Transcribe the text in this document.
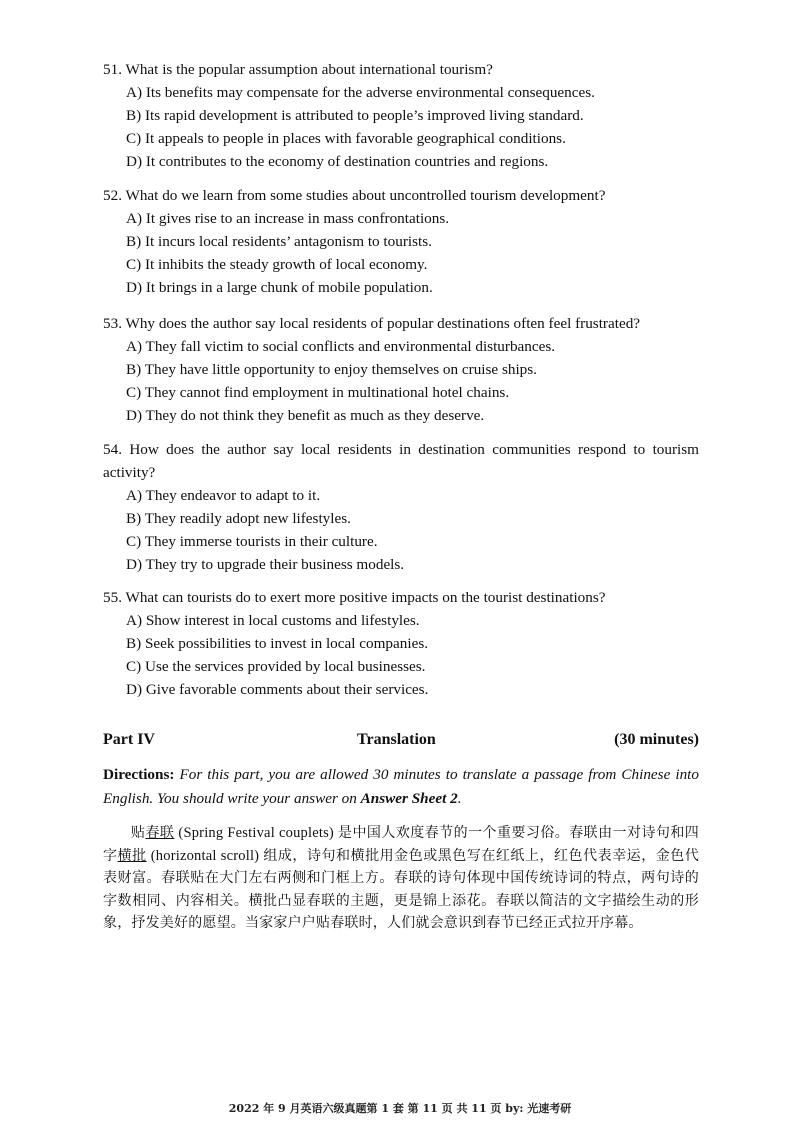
51. What is the popular assumption about international tourism?

A) Its benefits may compensate for the adverse environmental consequences.

B) Its rapid development is attributed to people’s improved living standard.

C) It appeals to people in places with favorable geographical conditions.

D) It contributes to the economy of destination countries and regions.

52. What do we learn from some studies about uncontrolled tourism development?

A) It gives rise to an increase in mass confrontations.

B) It incurs local residents’ antagonism to tourists.

C) It inhibits the steady growth of local economy.

D) It brings in a large chunk of mobile population.

53. Why does the author say local residents of popular destinations often feel frustrated?

A) They fall victim to social conflicts and environmental disturbances.

B) They have little opportunity to enjoy themselves on cruise ships.

C) They cannot find employment in multinational hotel chains.

D) They do not think they benefit as much as they deserve.

54. How does the author say local residents in destination communities respond to tourism activity?

A) They endeavor to adapt to it.

B) They readily adopt new lifestyles.

C) They immerse tourists in their culture.

D) They try to upgrade their business models.

55. What can tourists do to exert more positive impacts on the tourist destinations?

A) Show interest in local customs and lifestyles.

B) Seek possibilities to invest in local companies.

C) Use the services provided by local businesses.

D) Give favorable comments about their services.

Part IV	Translation	(30 minutes)
Directions: For this part, you are allowed 30 minutes to translate a passage from Chinese into English. You should write your answer on Answer Sheet 2.
贴春联 (Spring Festival couplets) 是中国人欢度春节的一个重要习俗。春联由一对诗句和四字横批 (horizontal scroll) 组成，诗句和横批用金色或黑色写在红纸上，红色代表幸运，金色代表财富。春联贴在大门左右两侧和门框上方。春联的诗句体现中国传统诗词的特点，两句诗的字数相同、内容相关。横批凸显春联的主题，更是锦上添花。春联以简洁的文字描绘生动的形象，抒发美好的愿望。当家家户户贴春联时，人们就会意识到春节已经正式拉开序幕。
2022 年 9 月英语六级真题第 1 套 第 11 页 共 11 页 by: 光速考研
